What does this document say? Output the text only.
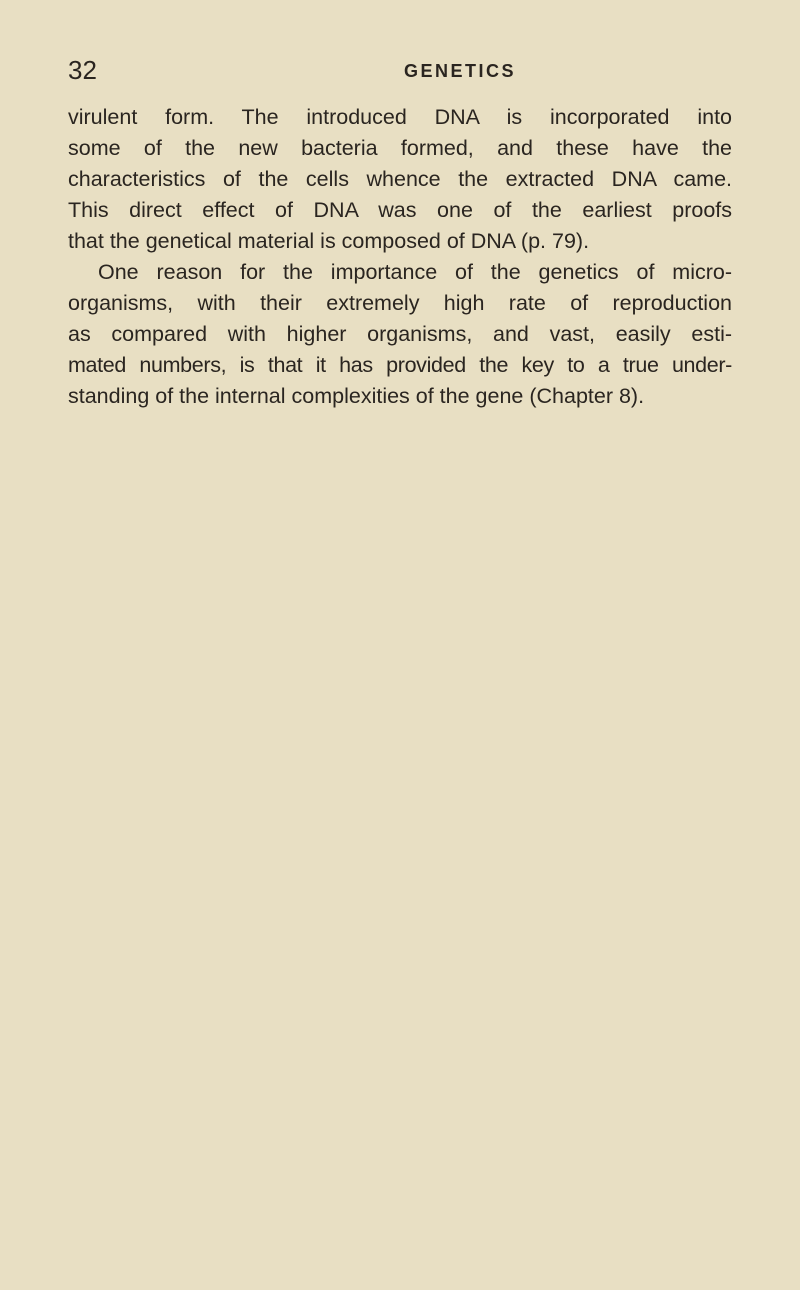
32	GENETICS

virulent form. The introduced DNA is incorporated into
some of the new bacteria formed, and these have the
characteristics of the cells whence the extracted DNA came.
This direct effect of DNA was one of the earliest proofs
that the genetical material is composed of DNA (p. 79).

One reason for the importance of the genetics of micro-
organisms, with their extremely high rate of reproduction
as compared with higher organisms, and vast, easily esti-
mated numbers, is that it has provided the key to a true under-
standing of the internal complexities of the gene (Chapter 8).
